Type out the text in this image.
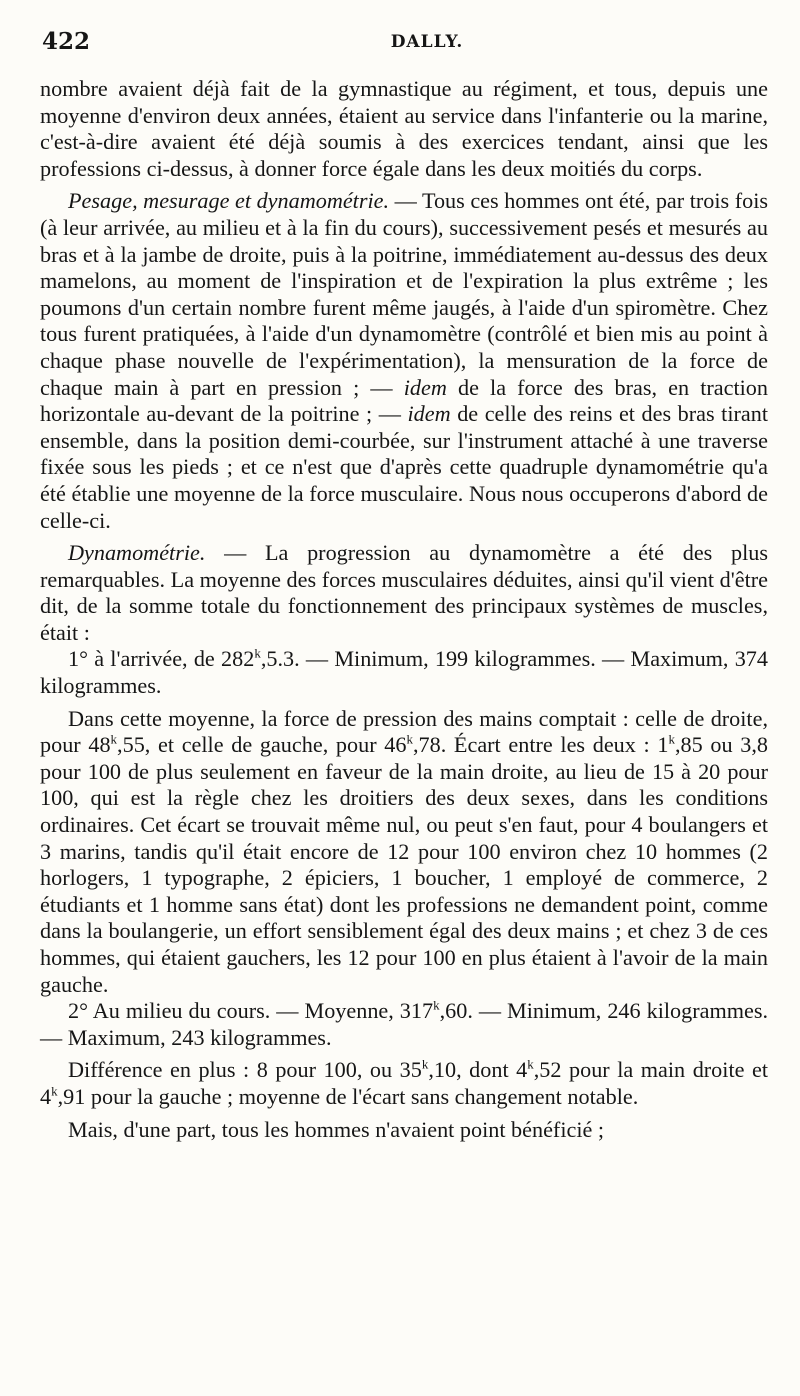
422	DALLY.

nombre avaient déjà fait de la gymnastique au régiment, et tous, depuis une moyenne d'environ deux années, étaient au service dans l'infanterie ou la marine, c'est-à-dire avaient été déjà soumis à des exercices tendant, ainsi que les professions ci-dessus, à donner force égale dans les deux moitiés du corps.

Pesage, mesurage et dynamométrie. — Tous ces hommes ont été, par trois fois (à leur arrivée, au milieu et à la fin du cours), successivement pesés et mesurés au bras et à la jambe de droite, puis à la poitrine, immédiatement au-dessus des deux mamelons, au moment de l'inspiration et de l'expiration la plus extrême ; les poumons d'un certain nombre furent même jaugés, à l'aide d'un spiromètre. Chez tous furent pratiquées, à l'aide d'un dynamomètre (contrôlé et bien mis au point à chaque phase nouvelle de l'expérimentation), la mensuration de la force de chaque main à part en pression ; — idem de la force des bras, en traction horizontale au-devant de la poitrine ; — idem de celle des reins et des bras tirant ensemble, dans la position demi-courbée, sur l'instrument attaché à une traverse fixée sous les pieds ; et ce n'est que d'après cette quadruple dynamométrie qu'a été établie une moyenne de la force musculaire. Nous nous occuperons d'abord de celle-ci.

Dynamométrie. — La progression au dynamomètre a été des plus remarquables. La moyenne des forces musculaires déduites, ainsi qu'il vient d'être dit, de la somme totale du fonctionnement des principaux systèmes de muscles, était :

1° à l'arrivée, de 282$^k$,5.3. — Minimum, 199 kilogrammes. — Maximum, 374 kilogrammes.

Dans cette moyenne, la force de pression des mains comptait : celle de droite, pour 48$^k$,55, et celle de gauche, pour 46$^k$,78. Écart entre les deux : 1$^k$,85 ou 3,8 pour 100 de plus seulement en faveur de la main droite, au lieu de 15 à 20 pour 100, qui est la règle chez les droitiers des deux sexes, dans les conditions ordinaires. Cet écart se trouvait même nul, ou peut s'en faut, pour 4 boulangers et 3 marins, tandis qu'il était encore de 12 pour 100 environ chez 10 hommes (2 horlogers, 1 typographe, 2 épiciers, 1 boucher, 1 employé de commerce, 2 étudiants et 1 homme sans état) dont les professions ne demandent point, comme dans la boulangerie, un effort sensiblement égal des deux mains ; et chez 3 de ces hommes, qui étaient gauchers, les 12 pour 100 en plus étaient à l'avoir de la main gauche.

2° Au milieu du cours. — Moyenne, 317$^k$,60. — Minimum, 246 kilogrammes. — Maximum, 243 kilogrammes.

Différence en plus : 8 pour 100, ou 35$^k$,10, dont 4$^k$,52 pour la main droite et 4$^k$,91 pour la gauche ; moyenne de l'écart sans changement notable.

Mais, d'une part, tous les hommes n'avaient point bénéficié ;
